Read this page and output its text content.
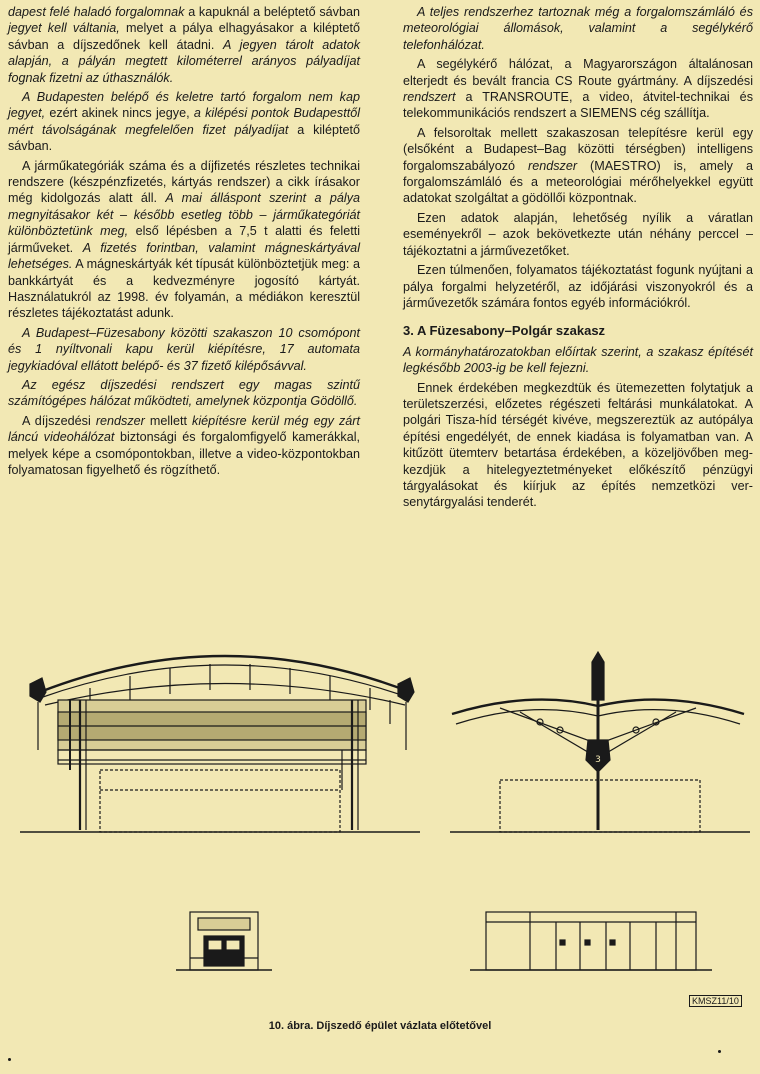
dapest felé haladó forgalomnak a kapuknál a beléptető sávban jegyet kell váltania, melyet a pálya elhagyásakor a kiléptető sávban a díjszedőnek kell átadni. A jegyen tárolt adatok alapján, a pályán megtett kilométerrel arányos pályadíjat fognak fizetni az úthasználók.

A Budapesten belépő és keletre tartó forgalom nem kap jegyet, ezért akinek nincs jegye, a kilépési pontok Budapesttől mért távolságának megfelelően fizet pályadíjat a kiléptető sávban.

A járműkategóriák száma és a díjfizetés részletes technikai rendszere (készpénzfizetés, kártyás rendszer) a cikk írásakor még kidolgozás alatt áll. A mai álláspont szerint a pálya megnyitásakor két – később esetleg több – járműkategóriát különböztetünk meg, első lépésben a 7,5 t alatti és feletti járműveket. A fizetés forintban, valamint mágneskártyával lehetséges. A mágneskártyák két típusát különböztetjük meg: a bankkártyát és a kedvezményre jogosító kártyát. Használatukról az 1998. év folyamán, a médiákon keresztül részletes tájékoztatást adunk.

A Budapest–Füzesabony közötti szakaszon 10 csomópont és 1 nyíltvonali kapu kerül kiépítésre, 17 automata jegykiadóval ellátott belépő- és 37 fizető kilépősávval.

Az egész díjszedési rendszert egy magas szintű számítógépes hálózat működteti, amelynek központja Gödöllő.

A díjszedési rendszer mellett kiépítésre kerül még egy zárt láncú videohálózat biztonsági és forgalomfigyelő kamerákkal, melyek képe a csomópontokban, illetve a video-központokban folyamatosan figyelhető és rögzíthető.

A teljes rendszerhez tartoznak még a forgalomszámláló és meteorológiai állomások, valamint a segélykérő telefonhálózat.

A segélykérő hálózat, a Magyarországon általánosan elterjedt és bevált francia CS Route gyártmány. A díjszedési rendszert a TRANSROUTE, a video, átvitel-technikai és telekommunikációs rendszert a SIEMENS cég szállítja.

A felsoroltak mellett szakaszosan telepítésre kerül egy (elsőként a Budapest–Bag közötti térségben) intelligens forgalomszabályozó rendszer (MAESTRO) is, amely a forgalomszámláló és a meteorológiai mérőhelyekkel együtt adatokat szolgáltat a gödöllői központnak.

Ezen adatok alapján, lehetőség nyílik a váratlan eseményekről – azok bekövetkezte után néhány perccel – tájékoztatni a járművezetőket.

Ezen túlmenően, folyamatos tájékoztatást fogunk nyújtani a pálya forgalmi helyzetéről, az időjárási viszonyokról és a járművezetők számára fontos egyéb információkról.

3. A Füzesabony–Polgár szakasz

A kormányhatározatokban előírtak szerint, a szakasz építését legkésőbb 2003-ig be kell fejezni.

Ennek érdekében megkezdtük és ütemezetten folytatjuk a területszerzési, előzetes régészeti feltárási munkálatokat. A polgári Tisza-híd térségét kivéve, megszereztük az autópálya építési engedélyét, de ennek kiadása is folyamatban van. A kitűzött ütemterv betartása érdekében, a közeljövőben megkezdjük a hitelegyeztetményeket előkészítő pénzügyi tárgyalásokat és kiírjuk az építés nemzetközi versenytárgyalási tenderét.

3
KMSZ11/10
10. ábra. Díjszedő épület vázlata előtetővel
